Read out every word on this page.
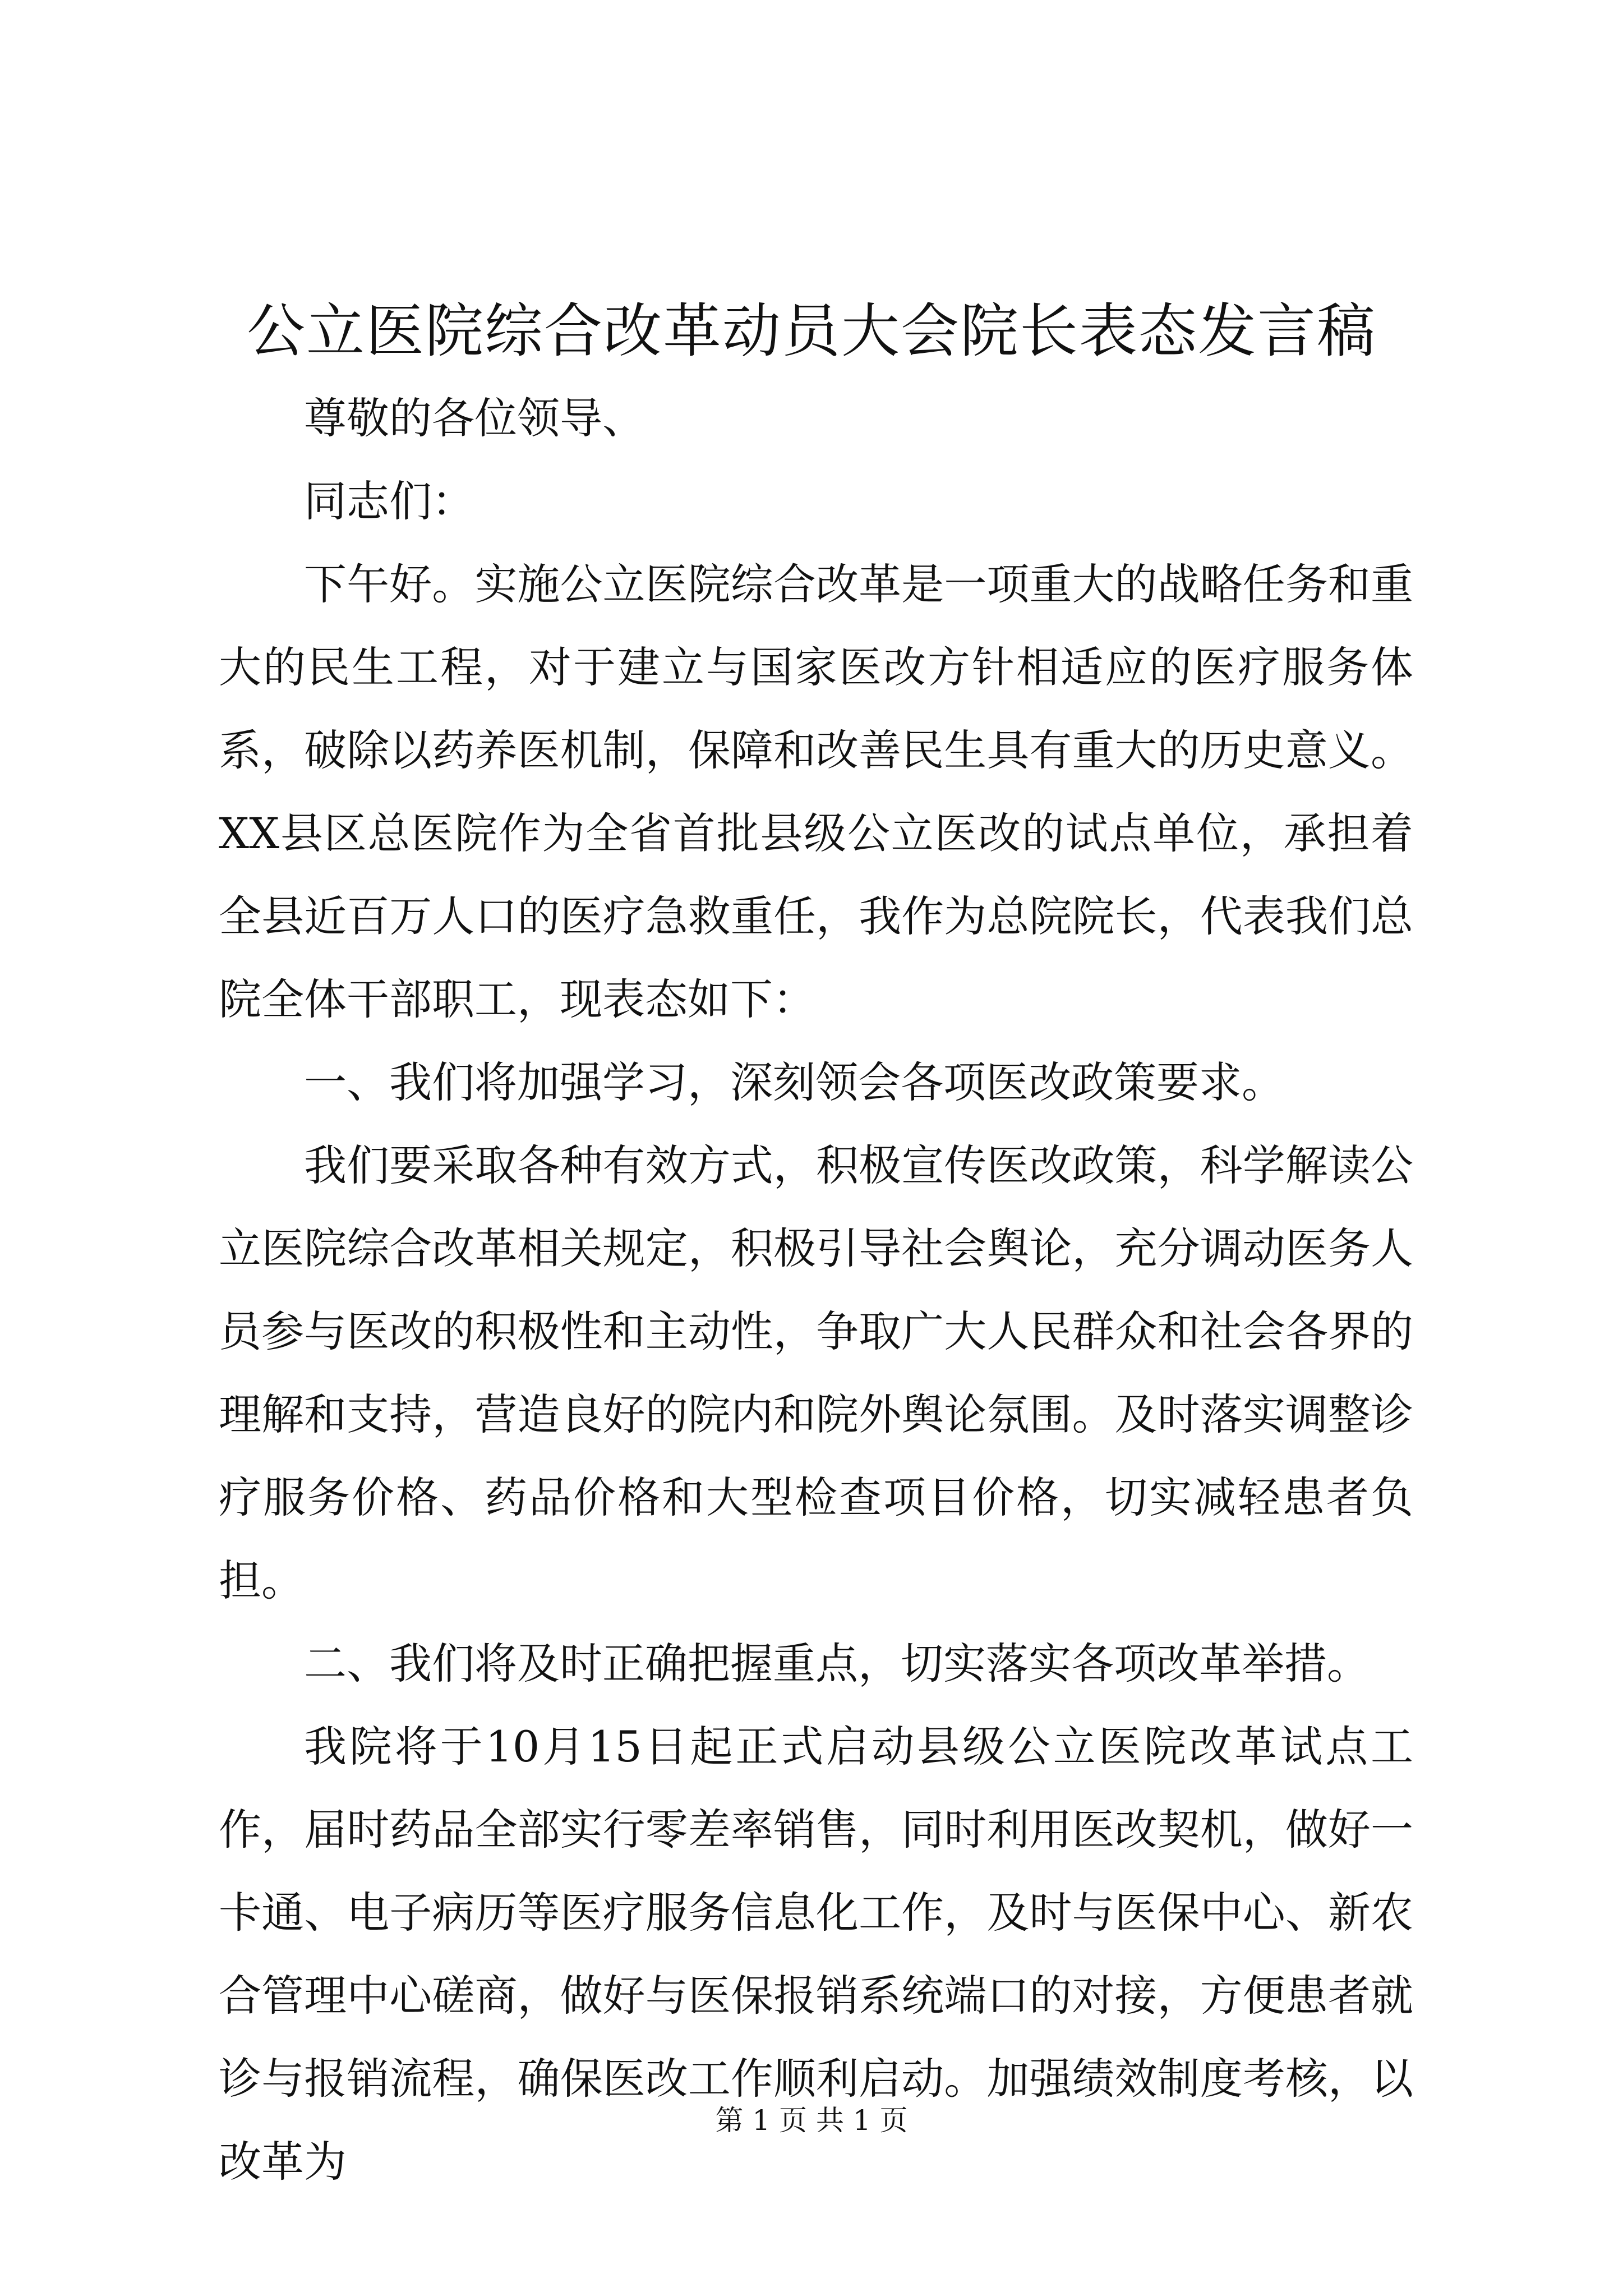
公立医院综合改革动员大会院长表态发言稿

尊敬的各位领导、

同志们：

下午好。实施公立医院综合改革是一项重大的战略任务和重大的民生工程，对于建立与国家医改方针相适应的医疗服务体系，破除以药养医机制，保障和改善民生具有重大的历史意义。XX县区总医院作为全省首批县级公立医改的试点单位，承担着全县近百万人口的医疗急救重任，我作为总院院长，代表我们总院全体干部职工，现表态如下：

一、我们将加强学习，深刻领会各项医改政策要求。

我们要采取各种有效方式，积极宣传医改政策，科学解读公立医院综合改革相关规定，积极引导社会舆论，充分调动医务人员参与医改的积极性和主动性，争取广大人民群众和社会各界的理解和支持，营造良好的院内和院外舆论氛围。及时落实调整诊疗服务价格、药品价格和大型检查项目价格，切实减轻患者负担。

二、我们将及时正确把握重点，切实落实各项改革举措。

我院将于10月15日起正式启动县级公立医院改革试点工作，届时药品全部实行零差率销售，同时利用医改契机，做好一卡通、电子病历等医疗服务信息化工作，及时与医保中心、新农合管理中心磋商，做好与医保报销系统端口的对接，方便患者就诊与报销流程，确保医改工作顺利启动。加强绩效制度考核，以改革为

第 1 页 共 1 页
